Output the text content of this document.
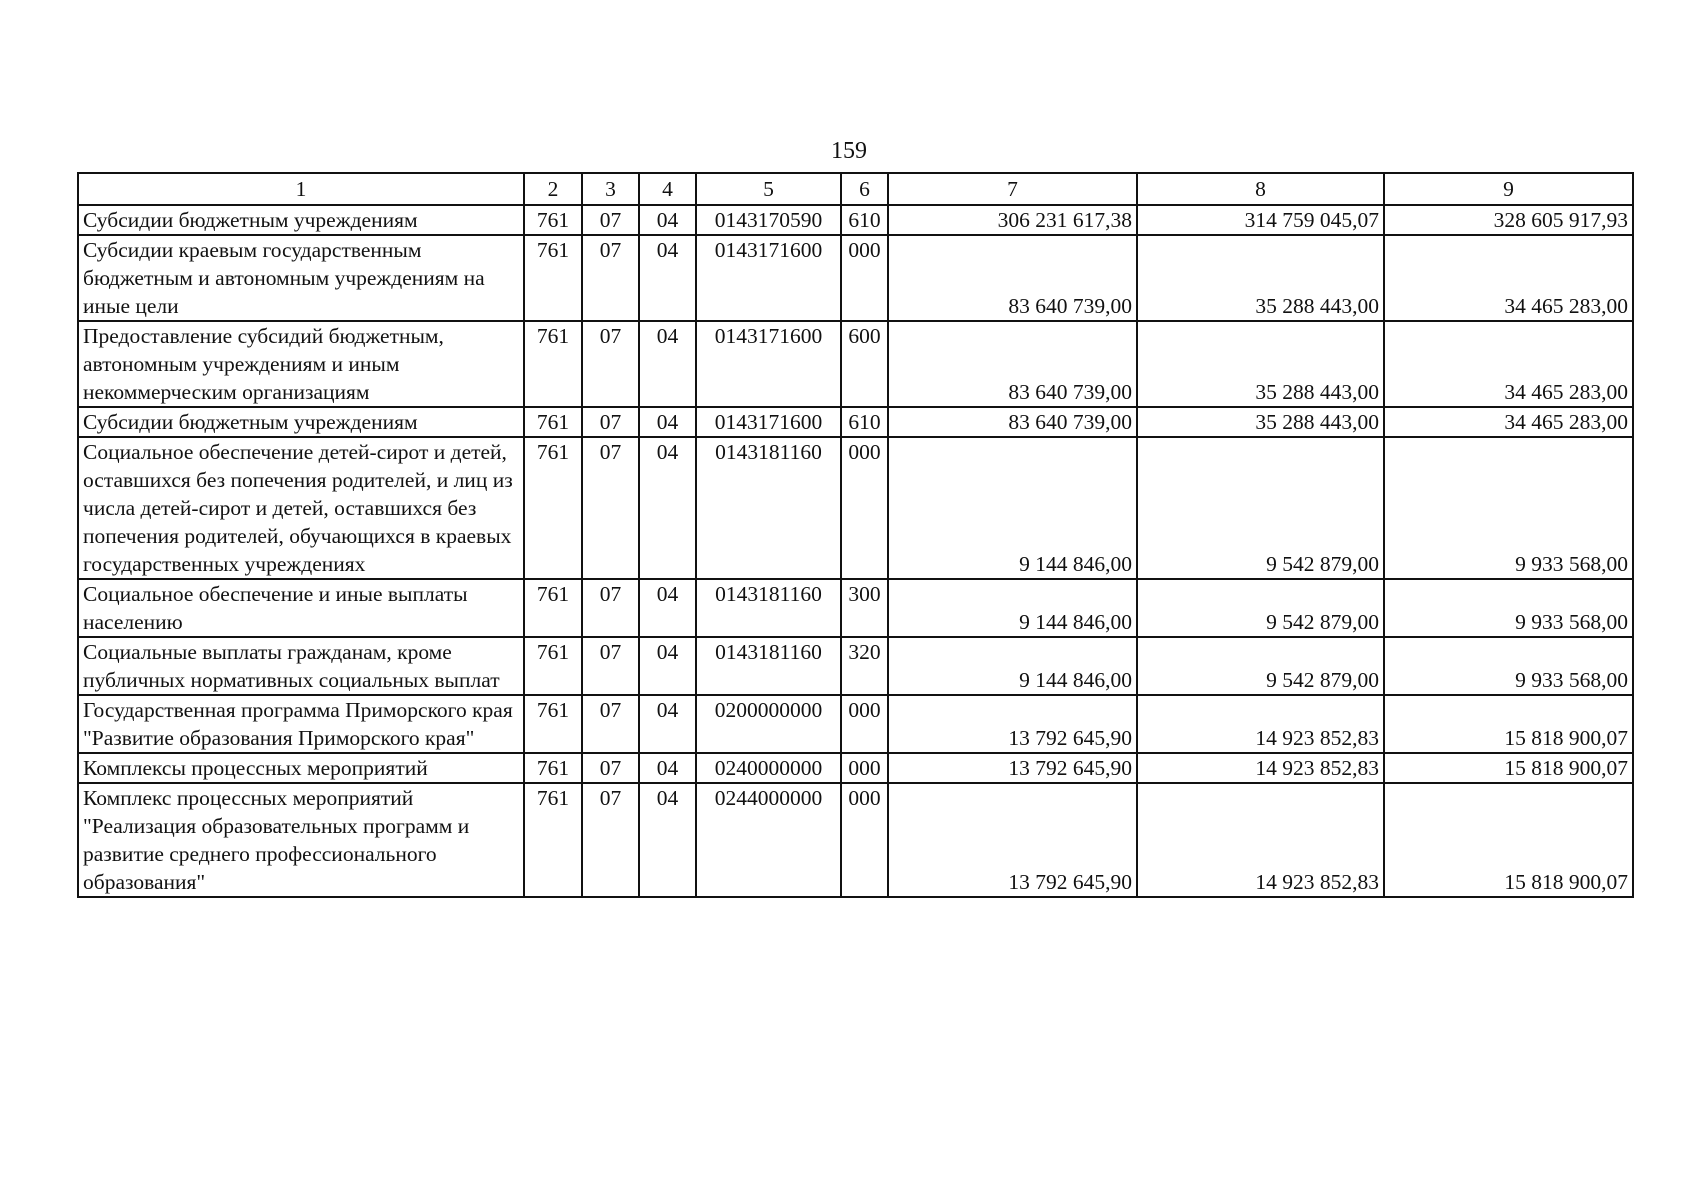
159
1	2	3	4	5	6	7	8	9
Субсидии бюджетным учреждениям	761	07	04	0143170590	610	306 231 617,38	314 759 045,07	328 605 917,93
Субсидии краевым государственным бюджетным и автономным учреждениям на иные цели	761	07	04	0143171600	000	83 640 739,00	35 288 443,00	34 465 283,00
Предоставление субсидий бюджетным, автономным учреждениям и иным некоммерческим организациям	761	07	04	0143171600	600	83 640 739,00	35 288 443,00	34 465 283,00
Субсидии бюджетным учреждениям	761	07	04	0143171600	610	83 640 739,00	35 288 443,00	34 465 283,00
Социальное обеспечение детей-сирот и детей, оставшихся без попечения родителей, и лиц из числа детей-сирот и детей, оставшихся без попечения родителей, обучающихся в краевых государственных учреждениях	761	07	04	0143181160	000	9 144 846,00	9 542 879,00	9 933 568,00
Социальное обеспечение и иные выплаты населению	761	07	04	0143181160	300	9 144 846,00	9 542 879,00	9 933 568,00
Социальные выплаты гражданам, кроме публичных нормативных социальных выплат	761	07	04	0143181160	320	9 144 846,00	9 542 879,00	9 933 568,00
Государственная программа Приморского края "Развитие образования Приморского края"	761	07	04	0200000000	000	13 792 645,90	14 923 852,83	15 818 900,07
Комплексы процессных мероприятий	761	07	04	0240000000	000	13 792 645,90	14 923 852,83	15 818 900,07
Комплекс процессных мероприятий "Реализация образовательных программ и развитие среднего профессионального образования"	761	07	04	0244000000	000	13 792 645,90	14 923 852,83	15 818 900,07
